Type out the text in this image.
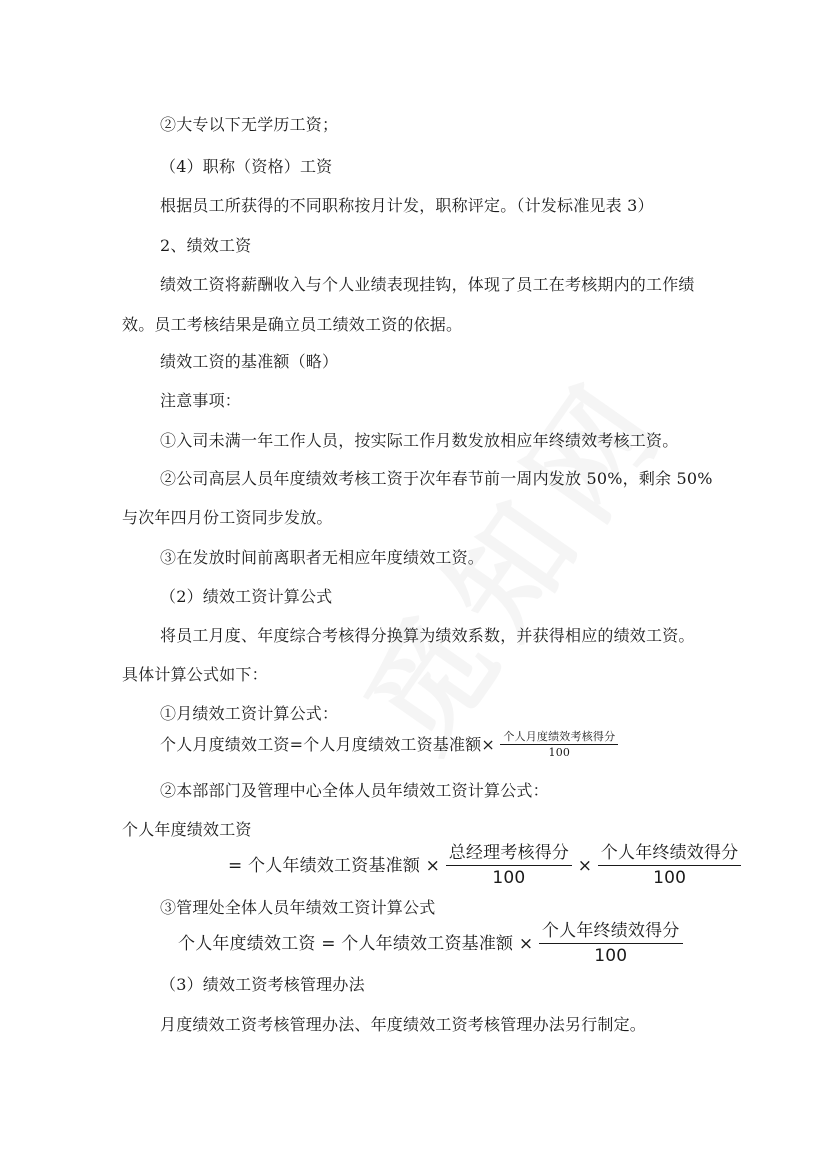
②大专以下无学历工资；
（4）职称（资格）工资
根据员工所获得的不同职称按月计发，职称评定。（计发标准见表 3）
2、绩效工资
绩效工资将薪酬收入与个人业绩表现挂钩，体现了员工在考核期内的工作绩
效。员工考核结果是确立员工绩效工资的依据。
绩效工资的基准额（略）
注意事项：
①入司未满一年工作人员，按实际工作月数发放相应年终绩效考核工资。
②公司高层人员年度绩效考核工资于次年春节前一周内发放 50%，剩余 50%
与次年四月份工资同步发放。
③在发放时间前离职者无相应年度绩效工资。
（2）绩效工资计算公式
将员工月度、年度综合考核得分换算为绩效系数，并获得相应的绩效工资。
具体计算公式如下：
①月绩效工资计算公式：
个人月度绩效工资=个人月度绩效工资基准额× $\frac{\text{个人月度绩效考核得分}}{100}$
②本部部门及管理中心全体人员年绩效工资计算公式：
个人年度绩效工资
= 个人年绩效工资基准额 × $\frac{\text{总经理考核得分}}{100} \times \frac{\text{个人年终绩效得分}}{100}$
③管理处全体人员年绩效工资计算公式
个人年度绩效工资 = 个人年绩效工资基准额 × $\frac{\text{个人年终绩效得分}}{100}$
（3）绩效工资考核管理办法
月度绩效工资考核管理办法、年度绩效工资考核管理办法另行制定。
